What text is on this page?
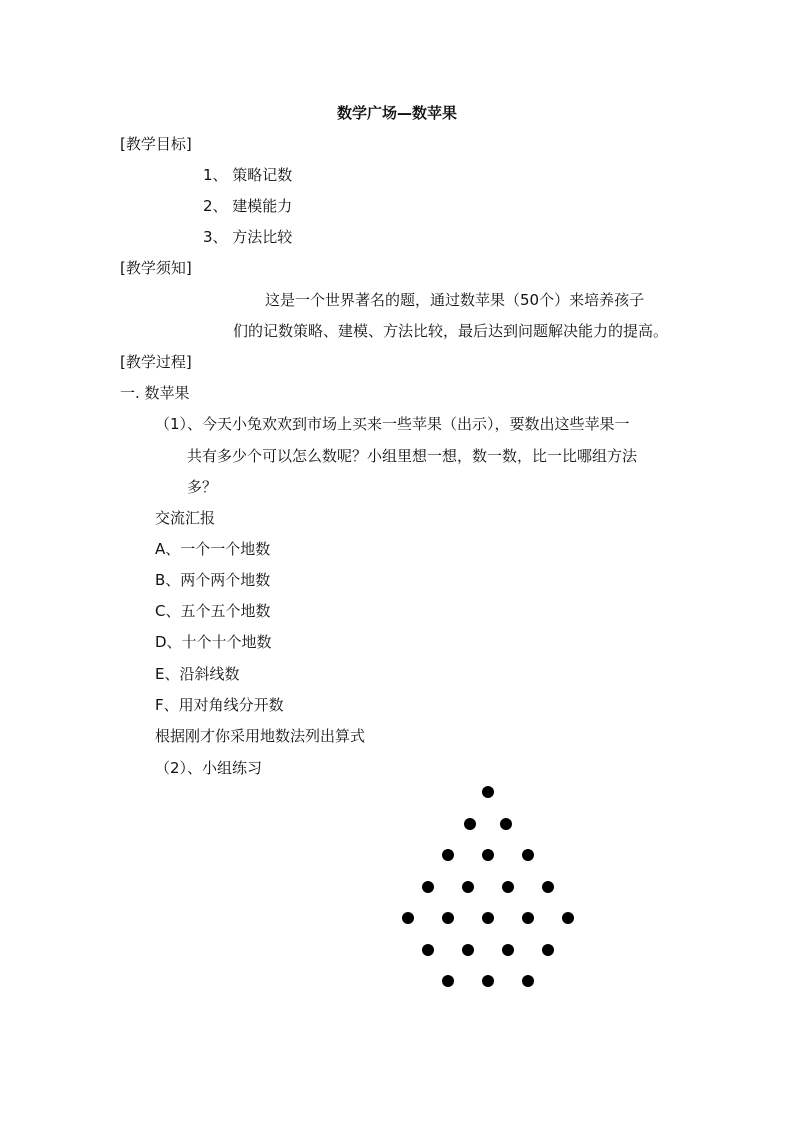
数学广场—数苹果
[教学目标]
1、 策略记数
2、 建模能力
3、 方法比较
[教学须知]
这是一个世界著名的题，通过数苹果（50个）来培养孩子
们的记数策略、建模、方法比较，最后达到问题解决能力的提高。
[教学过程]
一. 数苹果
（1）、今天小兔欢欢到市场上买来一些苹果（出示），要数出这些苹果一
共有多少个可以怎么数呢？小组里想一想，数一数，比一比哪组方法
多？
交流汇报
A、一个一个地数
B、两个两个地数
C、五个五个地数
D、十个十个地数
E、沿斜线数
F、用对角线分开数
根据刚才你采用地数法列出算式
（2）、小组练习
